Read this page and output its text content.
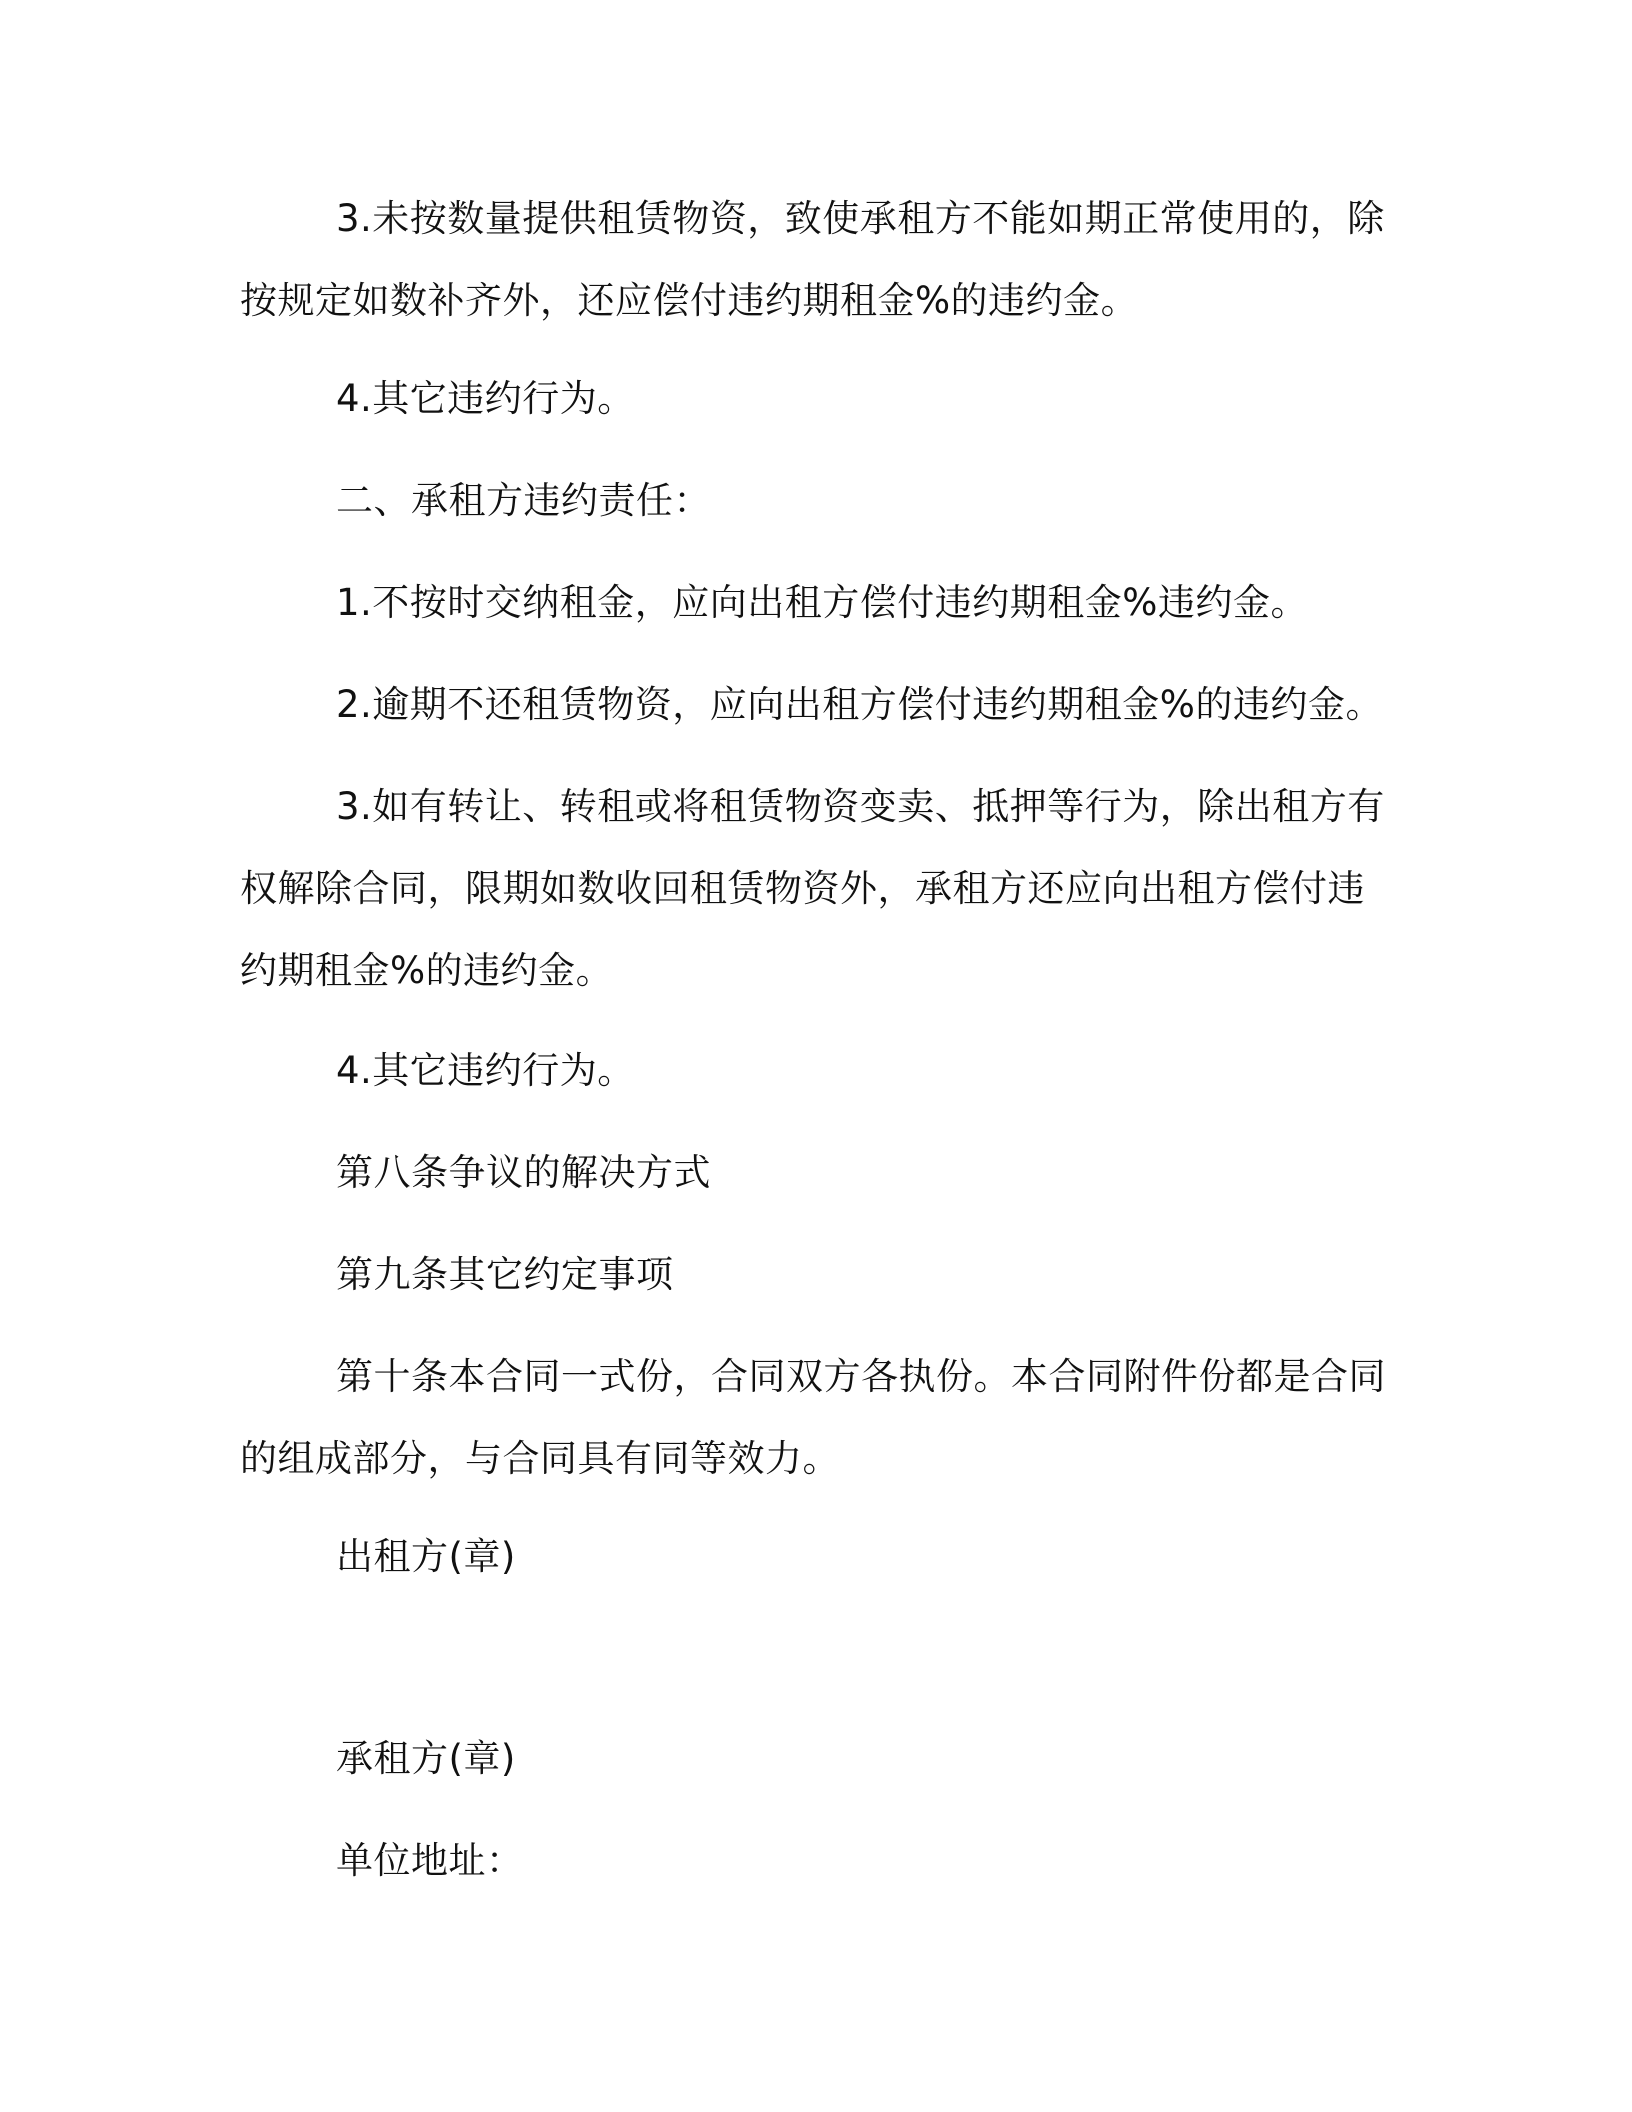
3.未按数量提供租赁物资，致使承租方不能如期正常使用的，除按规定如数补齐外，还应偿付违约期租金%的违约金。

4.其它违约行为。

二、承租方违约责任：

1.不按时交纳租金，应向出租方偿付违约期租金%违约金。

2.逾期不还租赁物资，应向出租方偿付违约期租金%的违约金。

3.如有转让、转租或将租赁物资变卖、抵押等行为，除出租方有权解除合同，限期如数收回租赁物资外，承租方还应向出租方偿付违约期租金%的违约金。

4.其它违约行为。

第八条争议的解决方式

第九条其它约定事项

第十条本合同一式份，合同双方各执份。本合同附件份都是合同的组成部分，与合同具有同等效力。

出租方(章)

承租方(章)

单位地址：
